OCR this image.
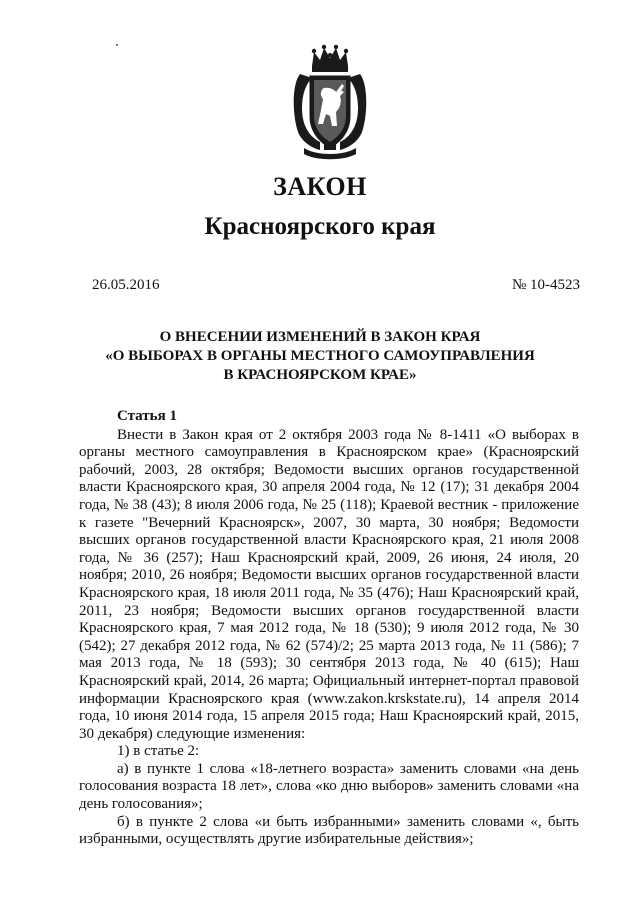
ЗАКОН
Красноярского края
26.05.2016	№ 10-4523
О ВНЕСЕНИИ ИЗМЕНЕНИЙ В ЗАКОН КРАЯ
«О ВЫБОРАХ В ОРГАНЫ МЕСТНОГО САМОУПРАВЛЕНИЯ
В КРАСНОЯРСКОМ КРАЕ»
Статья 1

Внести в Закон края от 2 октября 2003 года № 8-1411 «О выборах в органы местного самоуправления в Красноярском крае» (Красноярский рабочий, 2003, 28 октября; Ведомости высших органов государственной власти Красноярского края, 30 апреля 2004 года, № 12 (17); 31 декабря 2004 года, № 38 (43); 8 июля 2006 года, № 25 (118); Краевой вестник - приложение к газете "Вечерний Красноярск», 2007, 30 марта, 30 ноября; Ведомости высших органов государственной власти Красноярского края, 21 июля 2008 года, № 36 (257); Наш Красноярский край, 2009, 26 июня, 24 июля, 20 ноября; 2010, 26 ноября; Ведомости высших органов государственной власти Красноярского края, 18 июля 2011 года, № 35 (476); Наш Красноярский край, 2011, 23 ноября; Ведомости высших органов государственной власти Красноярского края, 7 мая 2012 года, № 18 (530); 9 июля 2012 года, № 30 (542); 27 декабря 2012 года, № 62 (574)/2; 25 марта 2013 года, № 11 (586); 7 мая 2013 года, № 18 (593); 30 сентября 2013 года, № 40 (615); Наш Красноярский край, 2014, 26 марта; Официальный интернет-портал правовой информации Красноярского края (www.zakon.krskstate.ru), 14 апреля 2014 года, 10 июня 2014 года, 15 апреля 2015 года; Наш Красноярский край, 2015, 30 декабря) следующие изменения:

1) в статье 2:

а) в пункте 1 слова «18-летнего возраста» заменить словами «на день голосования возраста 18 лет», слова «ко дню выборов» заменить словами «на день голосования»;

б) в пункте 2 слова «и быть избранными» заменить словами «, быть избранными, осуществлять другие избирательные действия»;
